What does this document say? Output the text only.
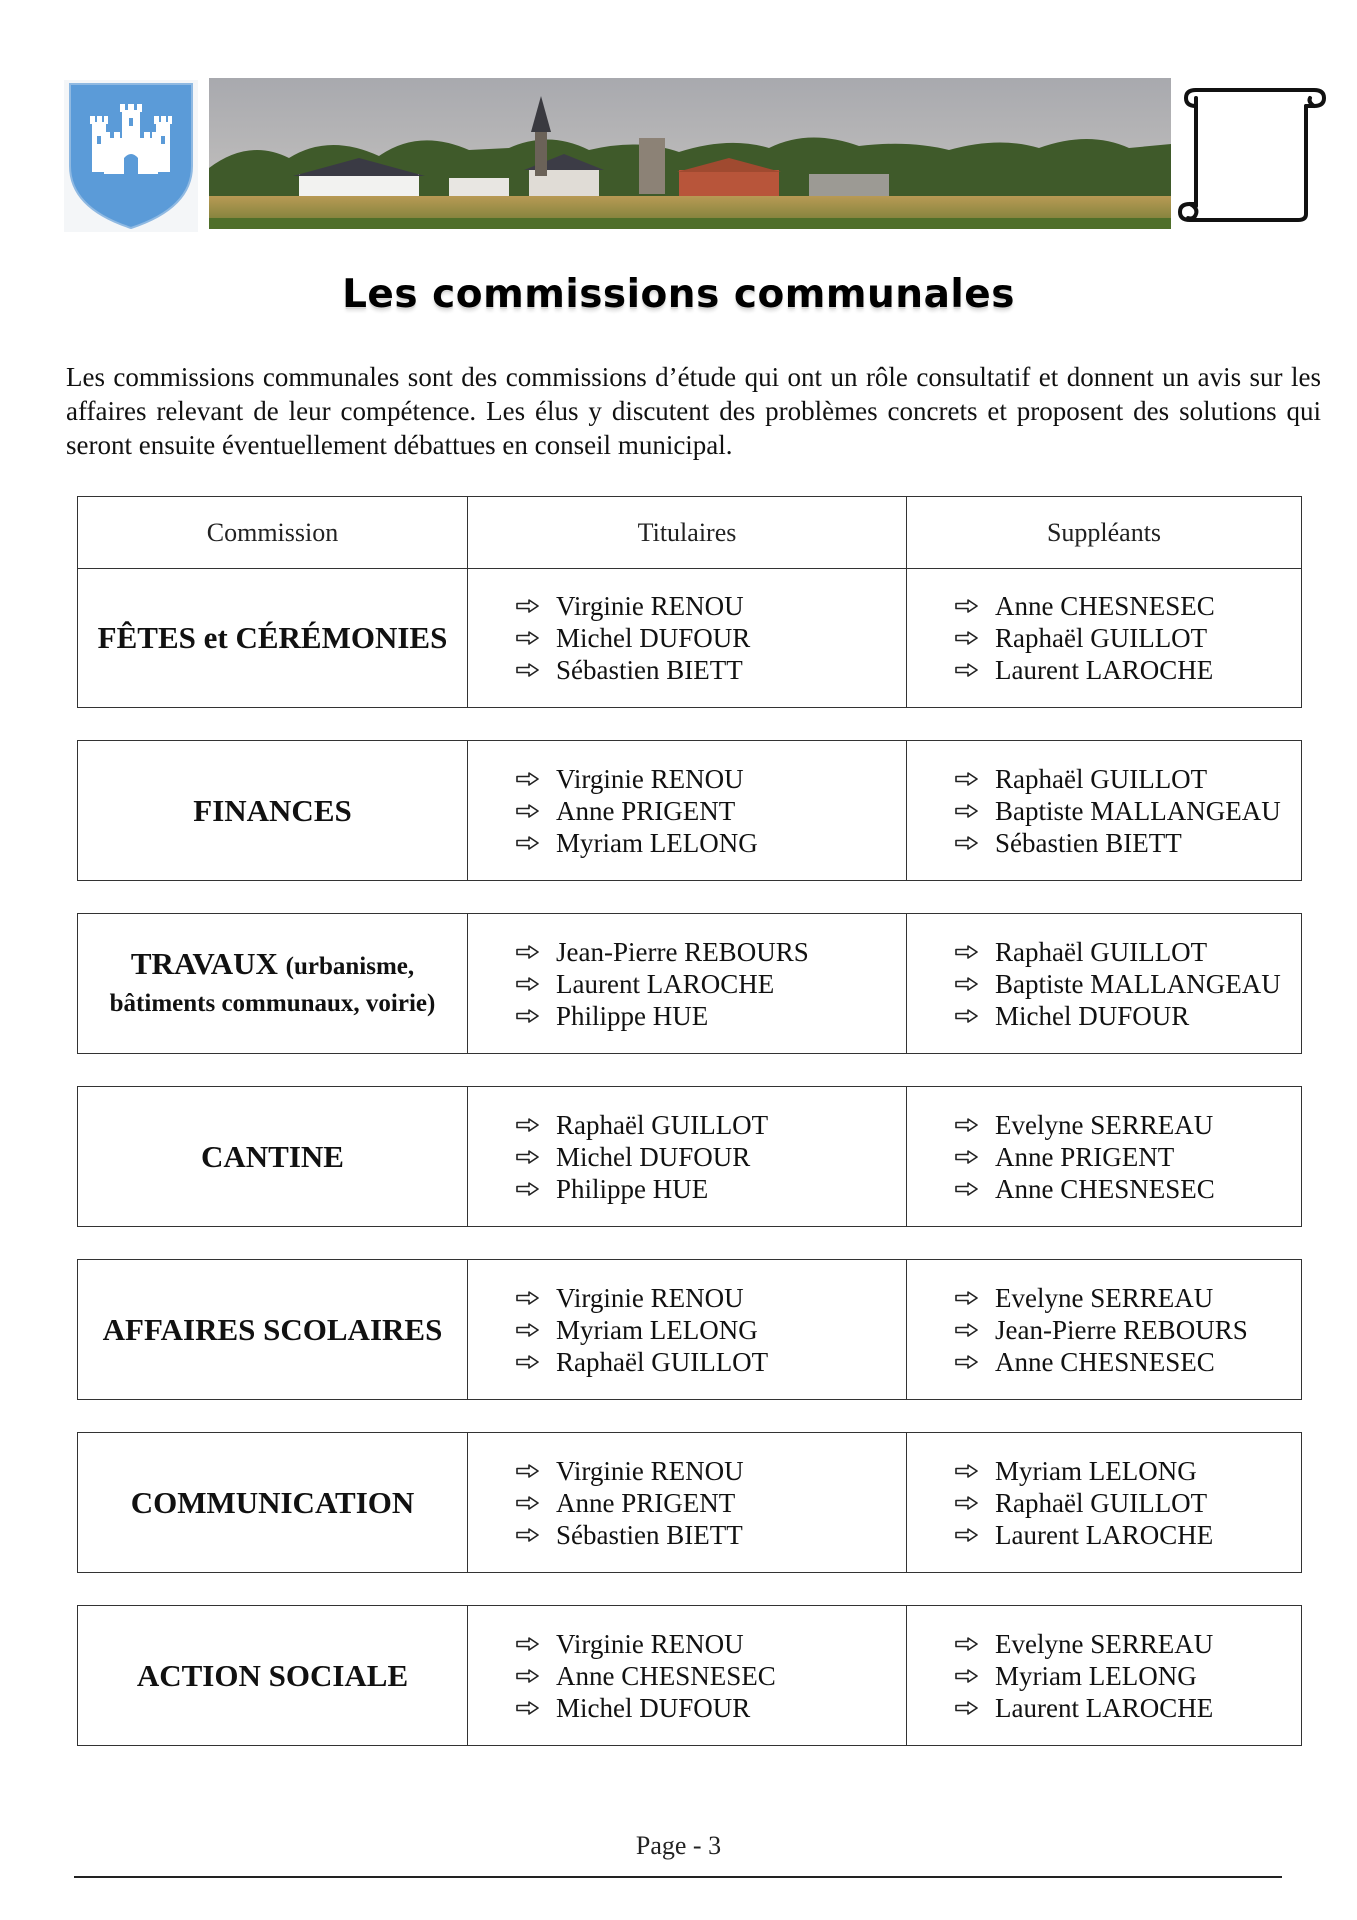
Les commissions communales
Les commissions communales sont des commissions d’étude qui ont un rôle consultatif et donnent un avis sur les affaires relevant de leur compétence. Les élus y discutent des problèmes concrets et proposent des solutions qui seront ensuite éventuellement débattues en conseil municipal.
Commission	Titulaires	Suppléants
FÊTES et CÉRÉMONIES
Virginie RENOU
Michel DUFOUR
Sébastien BIETT
Anne CHESNESEC
Raphaël GUILLOT
Laurent LAROCHE
FINANCES
Virginie RENOU
Anne PRIGENT
Myriam LELONG
Raphaël GUILLOT
Baptiste MALLANGEAU
Sébastien BIETT
TRAVAUX (urbanisme, bâtiments communaux, voirie)
Jean-Pierre REBOURS
Laurent LAROCHE
Philippe HUE
Raphaël GUILLOT
Baptiste MALLANGEAU
Michel DUFOUR
CANTINE
Raphaël GUILLOT
Michel DUFOUR
Philippe HUE
Evelyne SERREAU
Anne PRIGENT
Anne CHESNESEC
AFFAIRES SCOLAIRES
Virginie RENOU
Myriam LELONG
Raphaël GUILLOT
Evelyne SERREAU
Jean-Pierre REBOURS
Anne CHESNESEC
COMMUNICATION
Virginie RENOU
Anne PRIGENT
Sébastien BIETT
Myriam LELONG
Raphaël GUILLOT
Laurent LAROCHE
ACTION SOCIALE
Virginie RENOU
Anne CHESNESEC
Michel DUFOUR
Evelyne SERREAU
Myriam LELONG
Laurent LAROCHE
Page - 3
